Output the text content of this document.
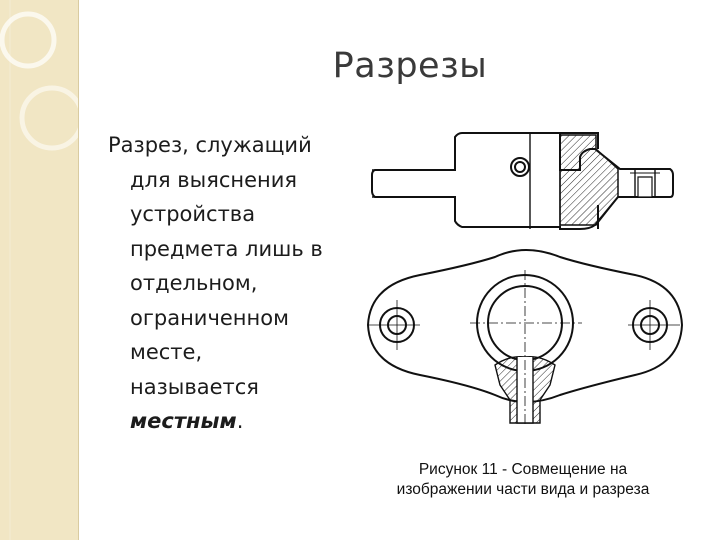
Разрезы
Разрез, служащий
для выяснения
устройства
предмета лишь в
отдельном,
ограниченном
месте,
называется
местным.
Рисунок 11 - Совмещение на
изображении части вида и разреза
